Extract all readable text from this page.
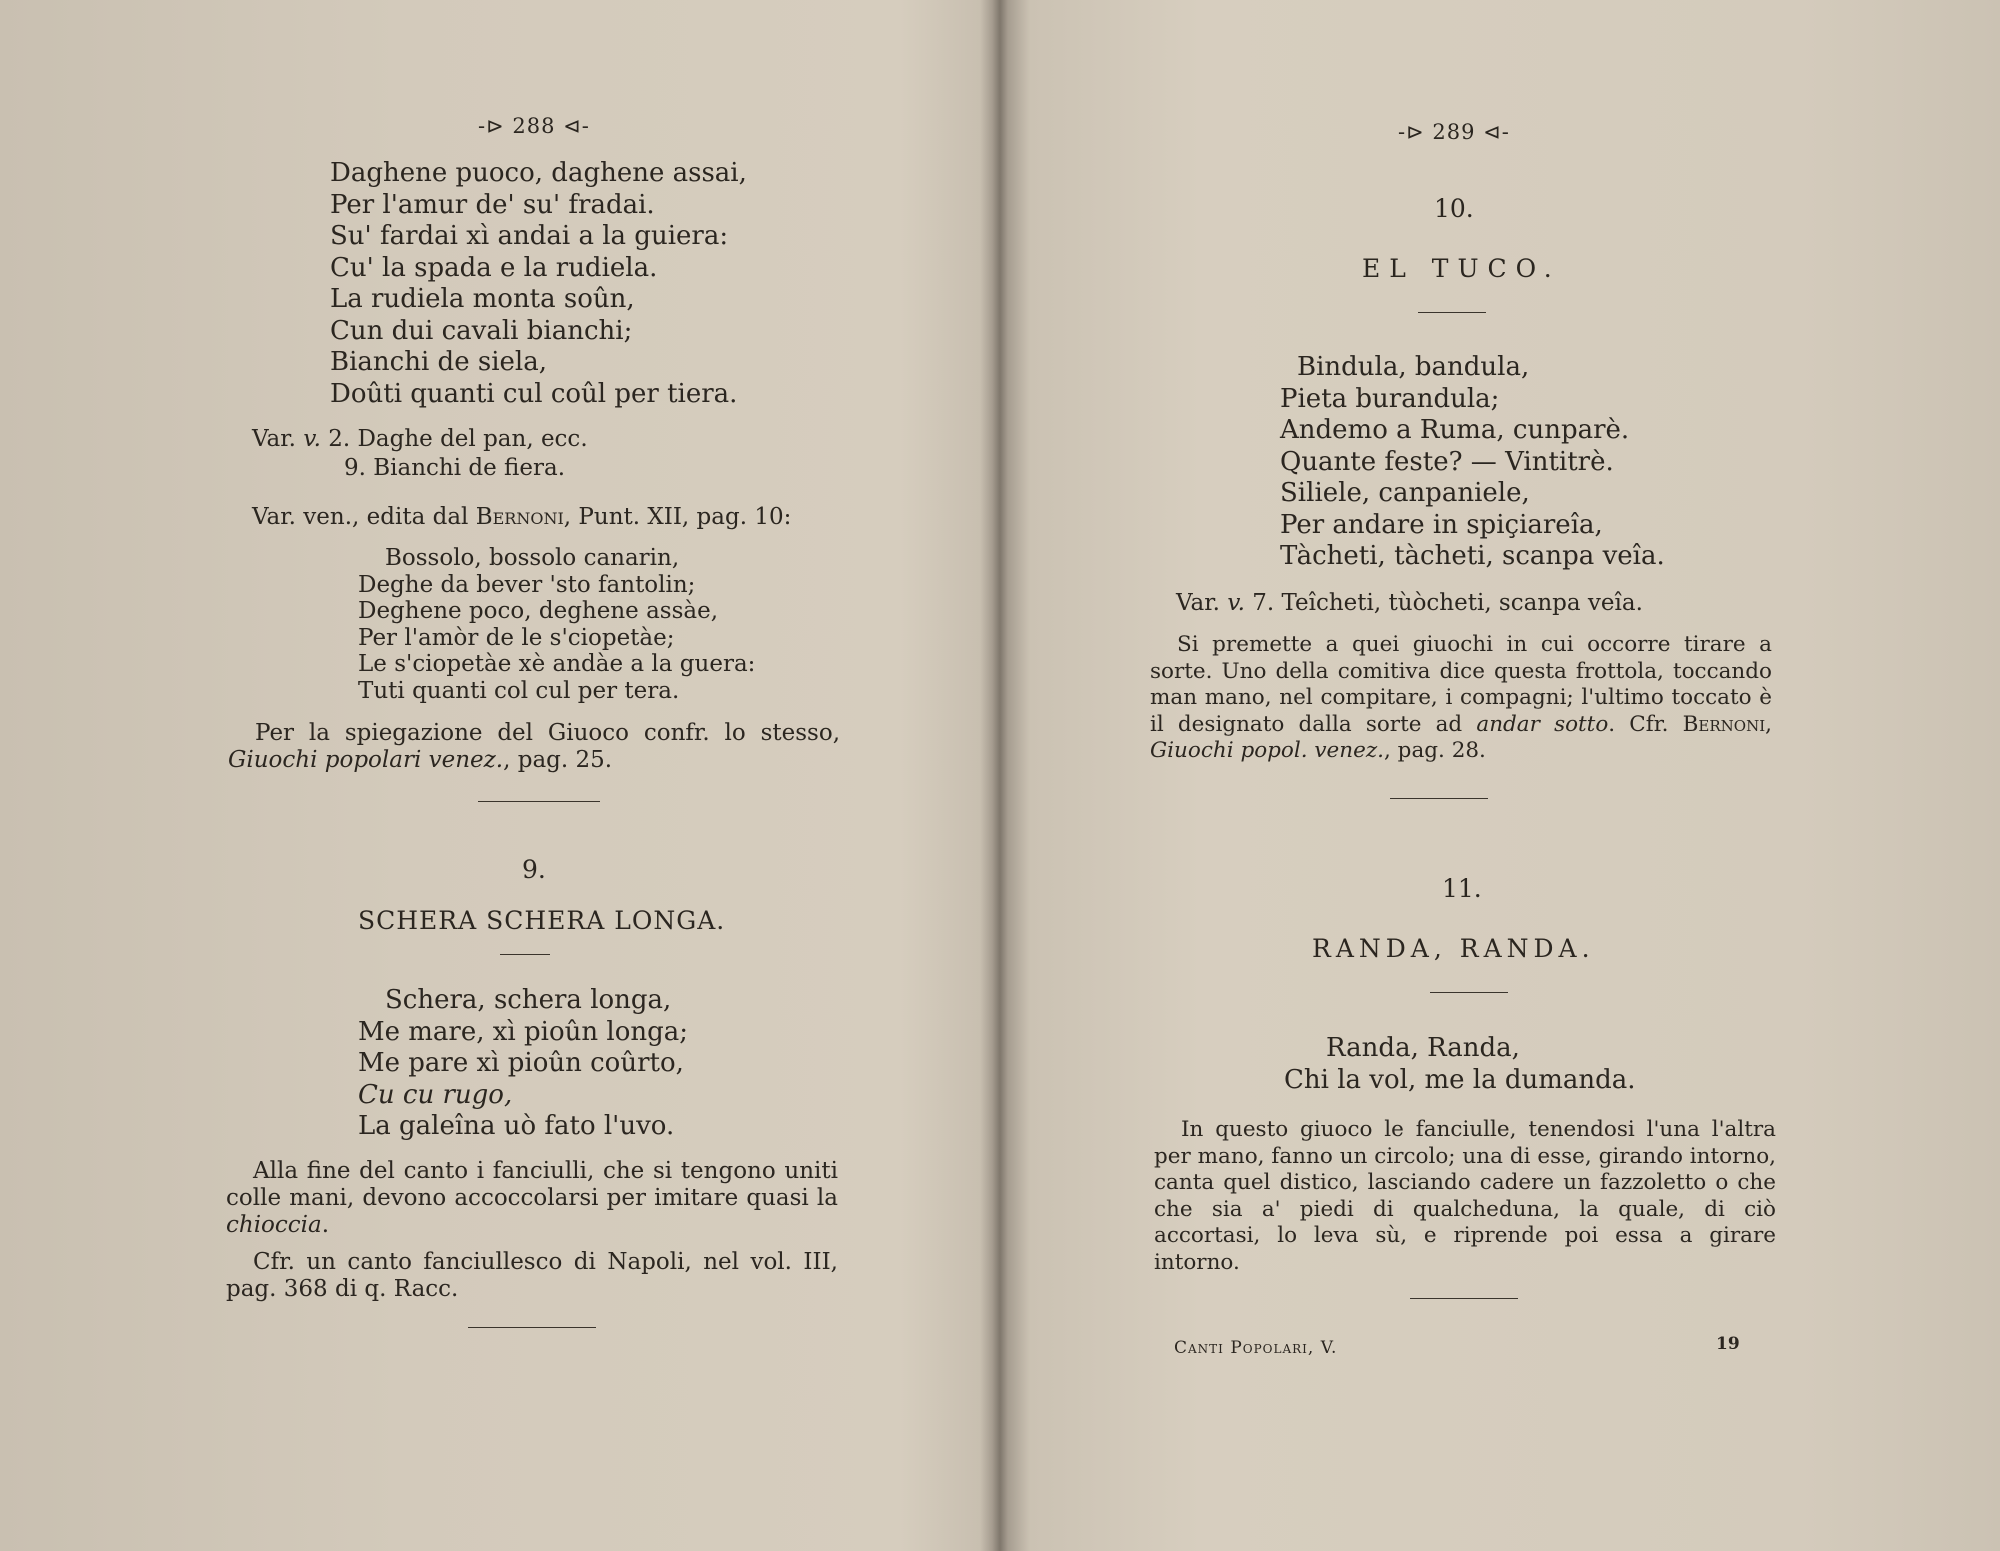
-⊳ 288 ⊲-
Daghene puoco, daghene assai,
Per l'amur de' su' fradai.
Su' fardai xì andai a la guiera:
Cu' la spada e la rudiela.
La rudiela monta soûn,
Cun dui cavali bianchi;
Bianchi de siela,
Doûti quanti cul coûl per tiera.
Var. v. 2. Daghe del pan, ecc.
9. Bianchi de fiera.
Var. ven., edita dal Bernoni, Punt. XII, pag. 10:
Bossolo, bossolo canarin,
Deghe da bever 'sto fantolin;
Deghene poco, deghene assàe,
Per l'amòr de le s'ciopetàe;
Le s'ciopetàe xè andàe a la guera:
Tuti quanti col cul per tera.
Per la spiegazione del Giuoco confr. lo stesso, Giuochi popolari venez., pag. 25.
9.
SCHERA SCHERA LONGA.
Schera, schera longa,
Me mare, xì pioûn longa;
Me pare xì pioûn coûrto,
Cu cu rugo,
La galeîna uò fato l'uvo.
Alla fine del canto i fanciulli, che si tengono uniti colle mani, devono accoccolarsi per imitare quasi la chioccia.
Cfr. un canto fanciullesco di Napoli, nel vol. III, pag. 368 di q. Racc.
-⊳ 289 ⊲-
10.
EL TUCO.
Bindula, bandula,
Pieta burandula;
Andemo a Ruma, cunparè.
Quante feste? — Vintitrè.
Siliele, canpaniele,
Per andare in spiçiareîa,
Tàcheti, tàcheti, scanpa veîa.
Var. v. 7. Teîcheti, tùòcheti, scanpa veîa.
Si premette a quei giuochi in cui occorre tirare a sorte. Uno della comitiva dice questa frottola, toccando man mano, nel compitare, i compagni; l'ultimo toccato è il designato dalla sorte ad andar sotto. Cfr. Bernoni, Giuochi popol. venez., pag. 28.
11.
RANDA, RANDA.
Randa, Randa,
Chi la vol, me la dumanda.
In questo giuoco le fanciulle, tenendosi l'una l'altra per mano, fanno un circolo; una di esse, girando intorno, canta quel distico, lasciando cadere un fazzoletto o che che sia a' piedi di qualcheduna, la quale, di ciò accortasi, lo leva sù, e riprende poi essa a girare intorno.
Canti Popolari, V.	19
